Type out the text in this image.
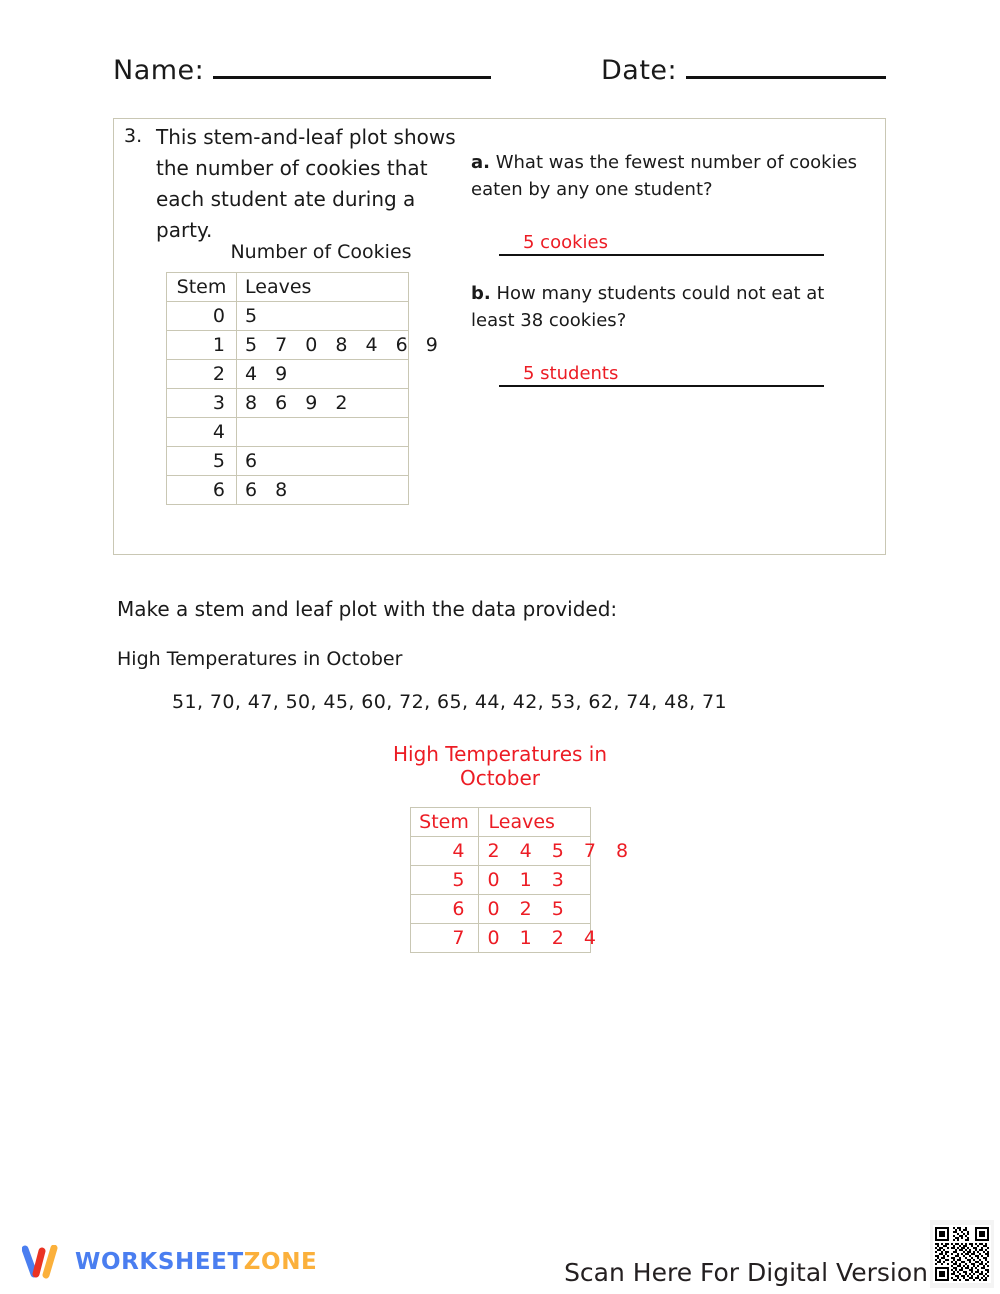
Name:	Date:
3. This stem-and-leaf plot shows the number of cookies that each student ate during a party.
Number of Cookies
Stem	Leaves
0	5
1	5 7 0 8 4 6 9
2	4 9
3	8 6 9 2
4	
5	6
6	6 8
a. What was the fewest number of cookies eaten by any one student?
5 cookies
b. How many students could not eat at least 38 cookies?
5 students
Make a stem and leaf plot with the data provided:
High Temperatures in October
51, 70, 47, 50, 45, 60, 72, 65, 44, 42, 53, 62, 74, 48, 71
High Temperatures in October
Stem	Leaves
4	2 4 5 7 8
5	0 1 3
6	0 2 5
7	0 1 2 4
WORKSHEETZONE	Scan Here For Digital Version
